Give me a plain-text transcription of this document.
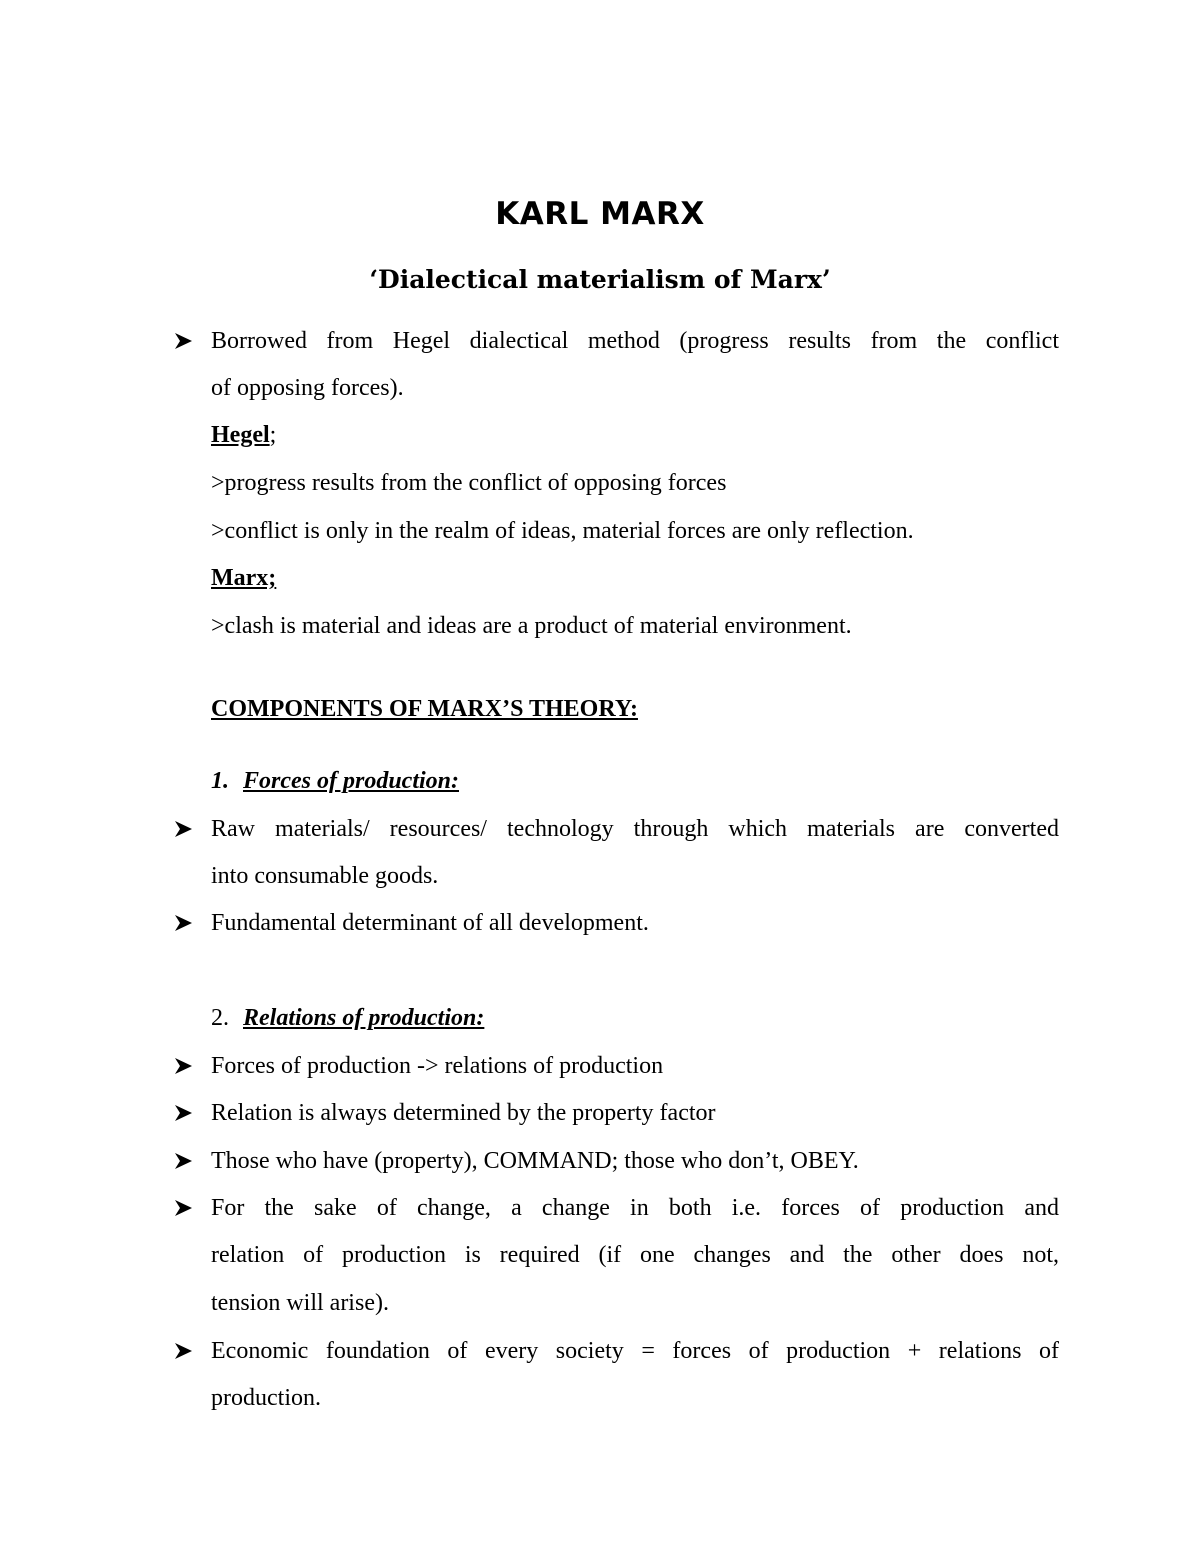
KARL MARX
‘Dialectical materialism of Marx’
Borrowed from Hegel dialectical method (progress results from the conflict
of opposing forces).
Hegel;
>progress results from the conflict of opposing forces
>conflict is only in the realm of ideas, material forces are only reflection.
Marx;
>clash is material and ideas are a product of material environment.
COMPONENTS OF MARX’S THEORY:
1. Forces of production:
Raw materials/ resources/ technology through which materials are converted
into consumable goods.
Fundamental determinant of all development.
2. Relations of production:
Forces of production -> relations of production
Relation is always determined by the property factor
Those who have (property), COMMAND; those who don’t, OBEY.
For the sake of change, a change in both i.e. forces of production and
relation of production is required (if one changes and the other does not,
tension will arise).
Economic foundation of every society = forces of production + relations of
production.
